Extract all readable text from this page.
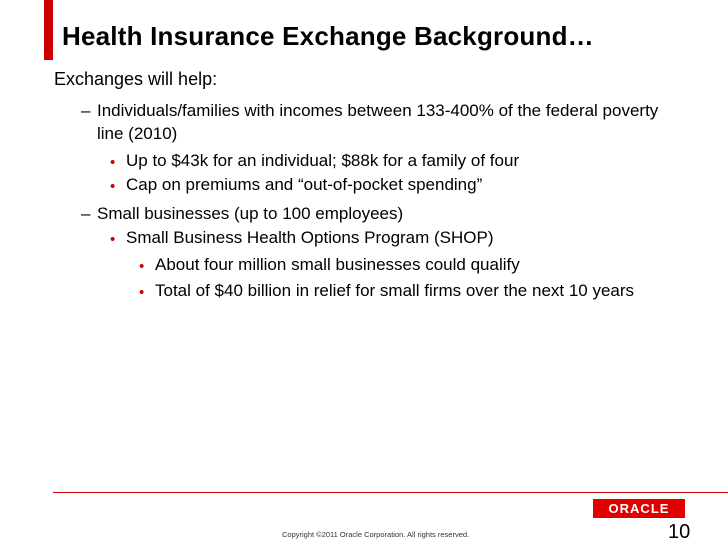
Health Insurance Exchange Background…
Exchanges will help:
– Individuals/families with incomes between 133-400% of the federal poverty
line (2010)
• Up to $43k for an individual; $88k for a family of four
• Cap on premiums and “out-of-pocket spending”
– Small businesses (up to 100 employees)
• Small Business Health Options Program (SHOP)
• About four million small businesses could qualify
• Total of $40 billion in relief for small firms over the next 10 years
ORACLE
Copyright ©2011 Oracle Corporation. All rights reserved.	10
